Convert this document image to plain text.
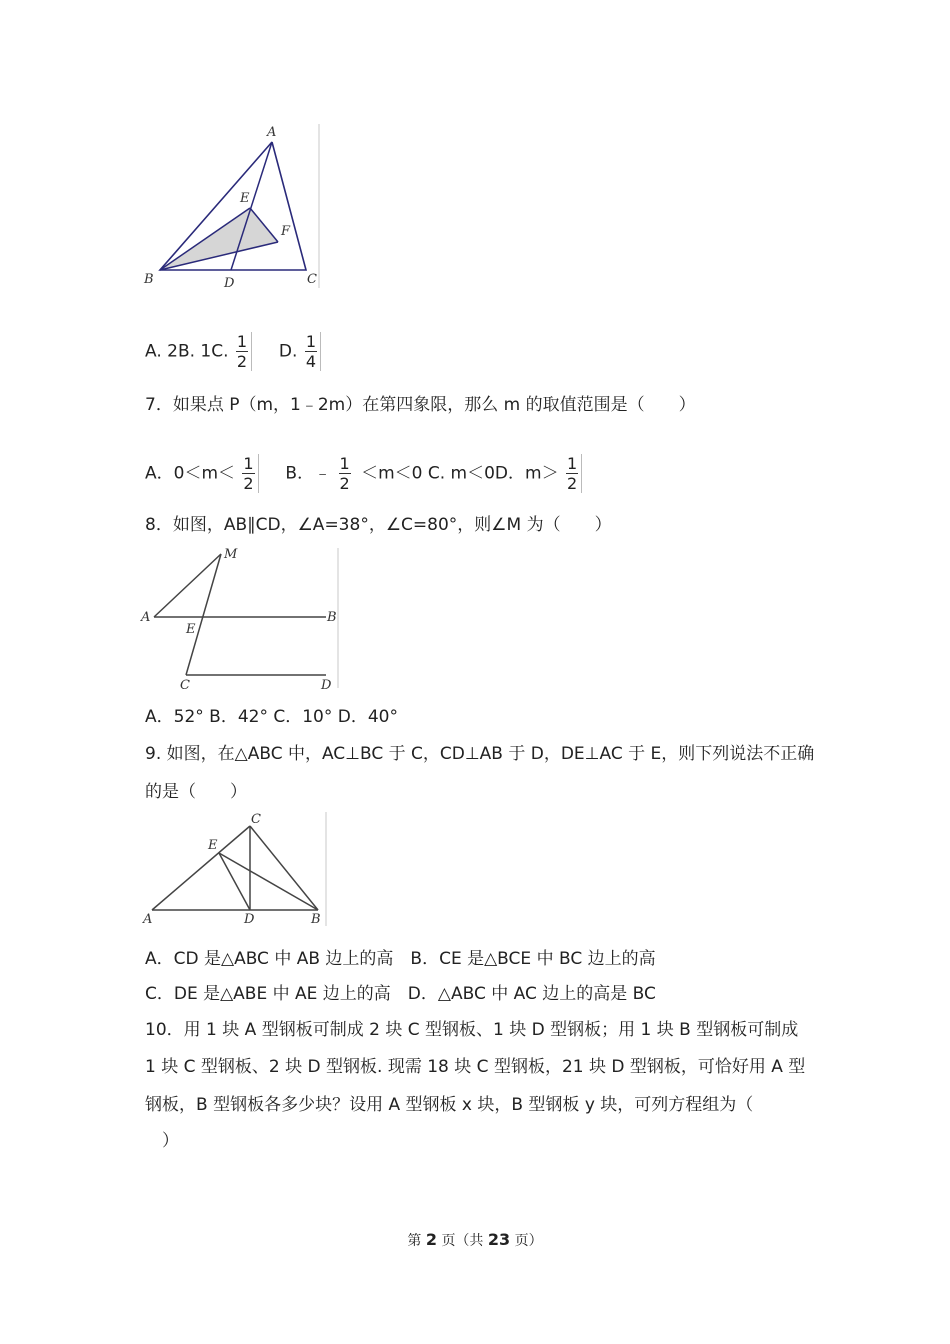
A
E
F
B	D	C
A. 2B. 1C. $\frac{1}{2} D$. $\frac{1}{4}$
7．如果点 P（m，1﹣2m）在第四象限，那么 m 的取值范围是（　　）
A．$0<m< \frac{1}{2}$ B．﹣ $\frac{1}{2} <m<0$ C. m＜0D．$m> \frac{1}{2}$
8．如图，AB∥CD，∠A=38°，∠C=80°，则∠M 为（　　）
M
A
E
B
C	D
A．52° B．42° C．10° D．40°
9. 如图，在△ABC 中，AC⊥BC 于 C，CD⊥AB 于 D，DE⊥AC 于 E，则下列说法不正确
的是（　　）
C
E
A	D	B
A．CD 是△ABC 中 AB 边上的高　B．CE 是△BCE 中 BC 边上的高
C．DE 是△ABE 中 AE 边上的高　D．△ABC 中 AC 边上的高是 BC
10．用 1 块 A 型钢板可制成 2 块 C 型钢板、1 块 D 型钢板；用 1 块 B 型钢板可制成
1 块 C 型钢板、2 块 D 型钢板. 现需 18 块 C 型钢板，21 块 D 型钢板，可恰好用 A 型
钢板，B 型钢板各多少块？设用 A 型钢板 x 块，B 型钢板 y 块，可列方程组为（
　）
第 2 页（共 23 页）
